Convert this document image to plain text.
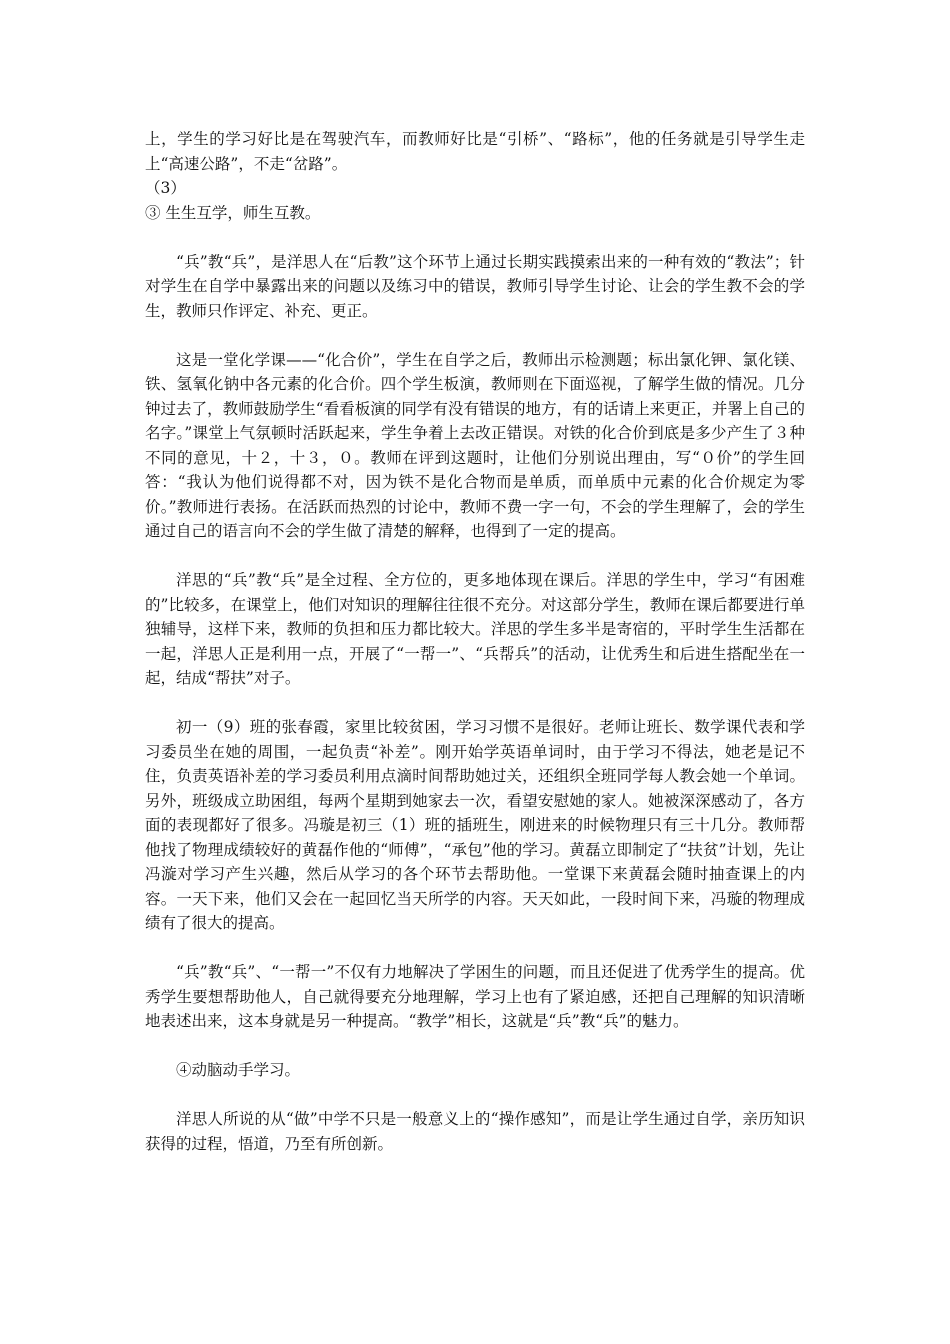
上，学生的学习好比是在驾驶汽车，而教师好比是“引桥”、“路标”，他的任务就是引导学生走上“高速公路”，不走“岔路”。

（3）

③ 生生互学，师生互教。

“兵”教“兵”，是洋思人在“后教”这个环节上通过长期实践摸索出来的一种有效的“教法”；针对学生在自学中暴露出来的问题以及练习中的错误，教师引导学生讨论、让会的学生教不会的学生，教师只作评定、补充、更正。

这是一堂化学课——“化合价”，学生在自学之后，教师出示检测题；标出氯化钾、氯化镁、铁、氢氧化钠中各元素的化合价。四个学生板演，教师则在下面巡视，了解学生做的情况。几分钟过去了，教师鼓励学生“看看板演的同学有没有错误的地方，有的话请上来更正，并署上自己的名字。”课堂上气氛顿时活跃起来，学生争着上去改正错误。对铁的化合价到底是多少产生了３种不同的意见，十２，十３，０。教师在评到这题时，让他们分别说出理由，写“０价”的学生回答：“我认为他们说得都不对，因为铁不是化合物而是单质，而单质中元素的化合价规定为零价。”教师进行表扬。在活跃而热烈的讨论中，教师不费一字一句，不会的学生理解了，会的学生通过自己的语言向不会的学生做了清楚的解释，也得到了一定的提高。

洋思的“兵”教“兵”是全过程、全方位的，更多地体现在课后。洋思的学生中，学习“有困难的”比较多，在课堂上，他们对知识的理解往往很不充分。对这部分学生，教师在课后都要进行单独辅导，这样下来，教师的负担和压力都比较大。洋思的学生多半是寄宿的，平时学生生活都在一起，洋思人正是利用一点，开展了“一帮一”、“兵帮兵”的活动，让优秀生和后进生搭配坐在一起，结成“帮扶”对子。

初一（9）班的张春霞，家里比较贫困，学习习惯不是很好。老师让班长、数学课代表和学习委员坐在她的周围，一起负责“补差”。刚开始学英语单词时，由于学习不得法，她老是记不住，负责英语补差的学习委员利用点滴时间帮助她过关，还组织全班同学每人教会她一个单词。另外，班级成立助困组，每两个星期到她家去一次，看望安慰她的家人。她被深深感动了，各方面的表现都好了很多。冯璇是初三（1）班的插班生，刚进来的时候物理只有三十几分。教师帮他找了物理成绩较好的黄磊作他的“师傅”，“承包”他的学习。黄磊立即制定了“扶贫”计划，先让冯漩对学习产生兴趣，然后从学习的各个环节去帮助他。一堂课下来黄磊会随时抽查课上的内容。一天下来，他们又会在一起回忆当天所学的内容。天天如此，一段时间下来，冯璇的物理成绩有了很大的提高。

“兵”教“兵”、“一帮一”不仅有力地解决了学困生的问题，而且还促进了优秀学生的提高。优秀学生要想帮助他人，自己就得要充分地理解，学习上也有了紧迫感，还把自己理解的知识清晰地表述出来，这本身就是另一种提高。“教学”相长，这就是“兵”教“兵”的魅力。

④动脑动手学习。

洋思人所说的从“做”中学不只是一般意义上的“操作感知”，而是让学生通过自学，亲历知识获得的过程，悟道，乃至有所创新。
